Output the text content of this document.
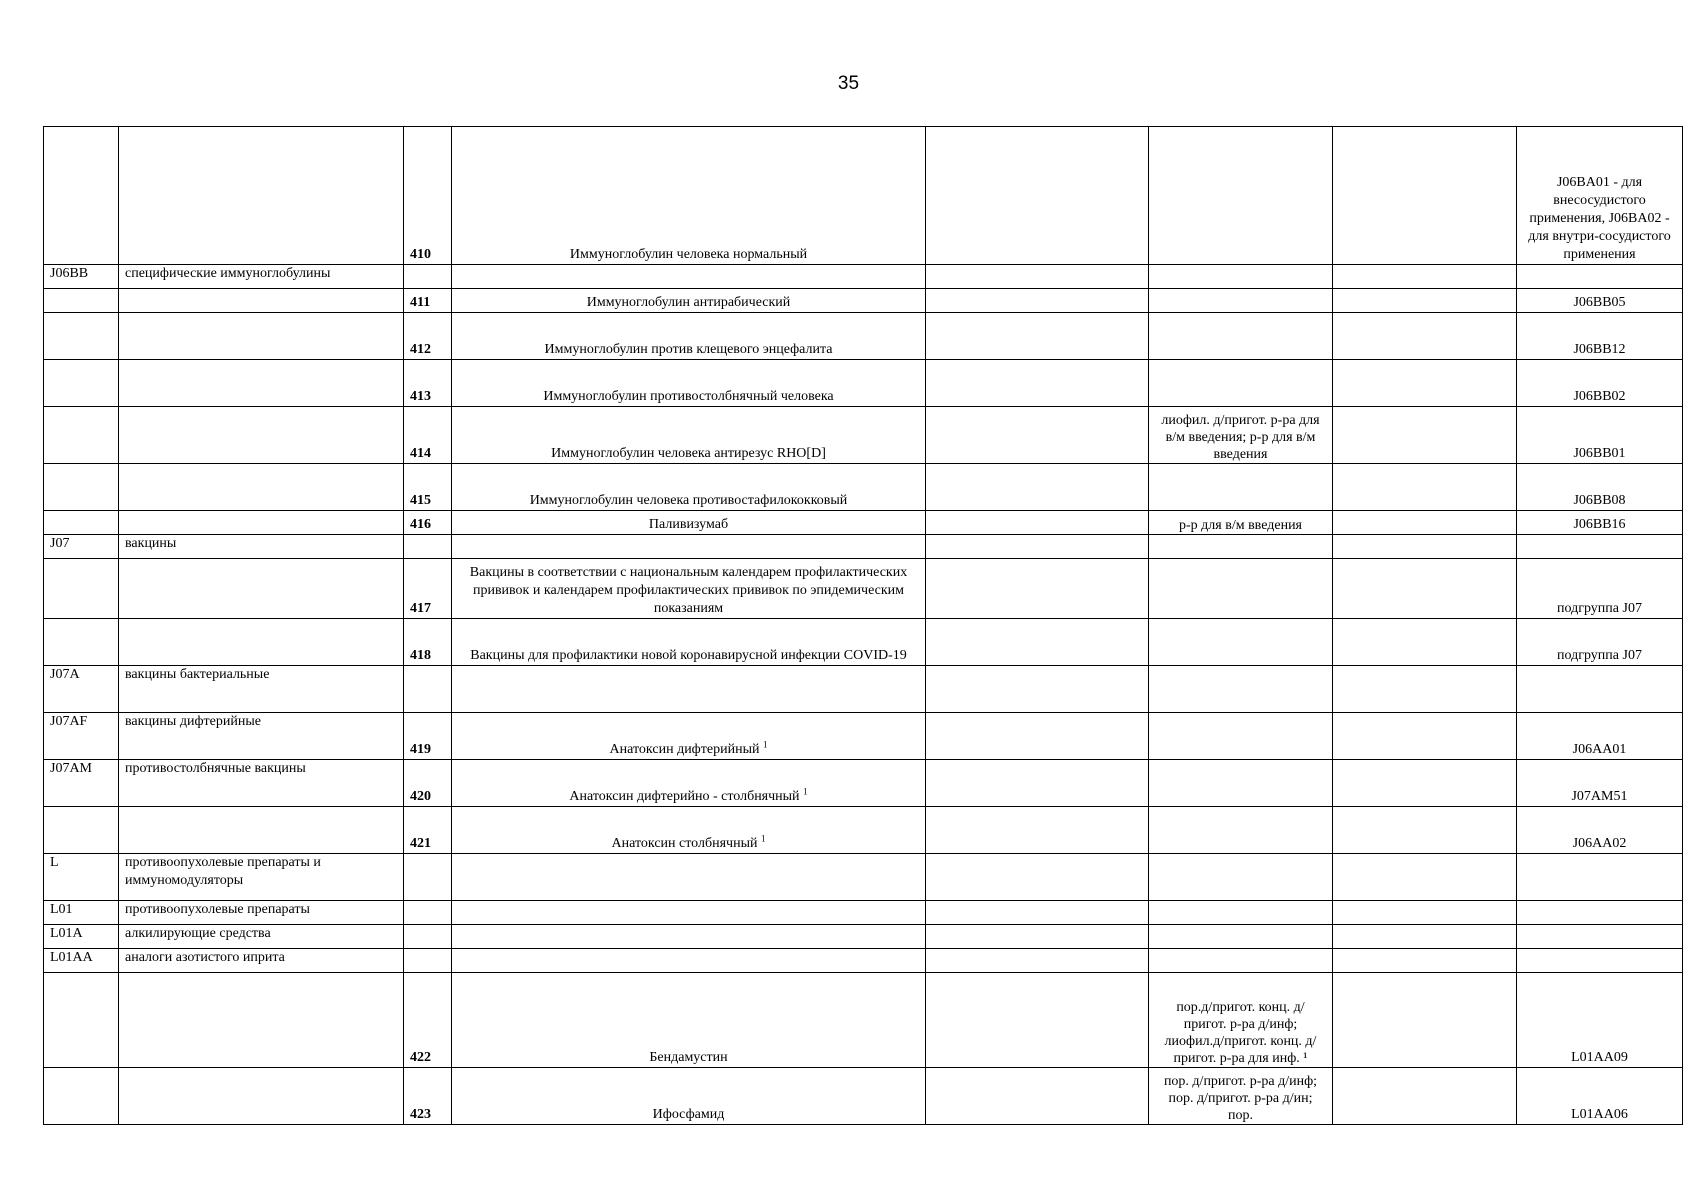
35
		410	Иммуноглобулин человека нормальный				J06BA01 - для внесосудистого применения, J06BA02 - для внутри-сосудистого применения
J06BB	специфические иммуноглобулины						
		411	Иммуноглобулин антирабический				J06BB05
		412	Иммуноглобулин против клещевого энцефалита				J06BB12
		413	Иммуноглобулин противостолбнячный человека				J06BB02
		414	Иммуноглобулин человека антирезус RHO[D]		лиофил. д/пригот. р-ра для в/м введения; р-р для в/м введения		J06BB01
		415	Иммуноглобулин человека противостафилококковый				J06BB08
		416	Паливизумаб		р-р для в/м введения		J06BB16
J07	вакцины						
		417	Вакцины в соответствии с национальным календарем профилактических прививок и календарем профилактических прививок по эпидемическим показаниям				подгруппа J07
		418	Вакцины для профилактики новой коронавирусной инфекции COVID-19				подгруппа J07
J07A	вакцины бактериальные						
J07AF	вакцины дифтерийные	419	Анатоксин дифтерийный $^1$				J06AA01
J07AM	противостолбнячные вакцины	420	Анатоксин дифтерийно - столбнячный $^1$				J07AM51
		421	Анатоксин столбнячный $^1$				J06AA02
L	противоопухолевые препараты и иммуномодуляторы						
L01	противоопухолевые препараты						
L01A	алкилирующие средства						
L01AA	аналоги азотистого иприта						
		422	Бендамустин		пор.д/пригот. конц. д/пригот. р-ра д/инф; лиофил.д/пригот. конц. д/пригот. р-ра для инф. ¹		L01AA09
		423	Ифосфамид		пор. д/пригот. р-ра д/инф; пор. д/пригот. р-ра д/ин; пор.		L01AA06
